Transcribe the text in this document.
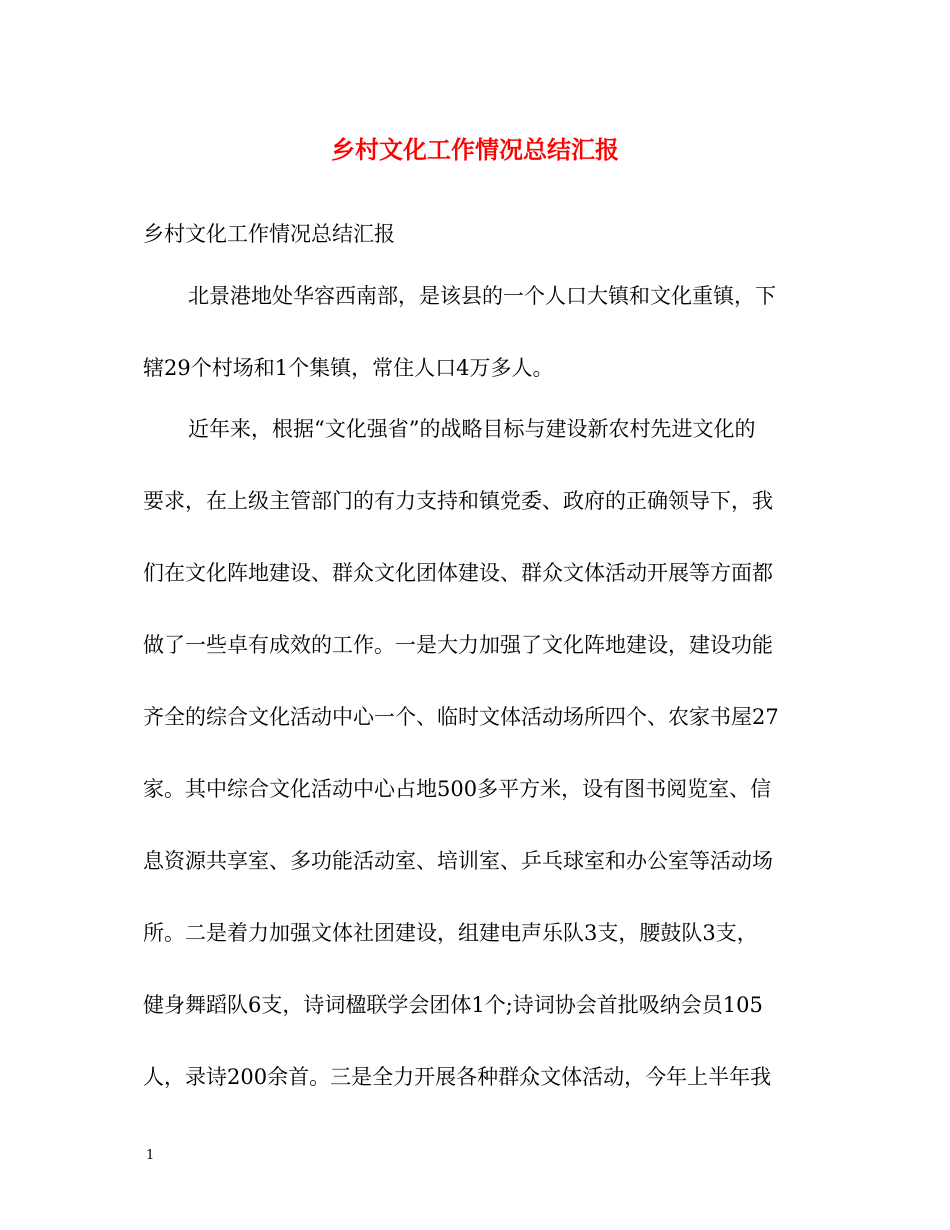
乡村文化工作情况总结汇报
乡村文化工作情况总结汇报
北景港地处华容西南部，是该县的一个人口大镇和文化重镇，下
辖29个村场和1个集镇，常住人口4万多人。
近年来，根据“文化强省”的战略目标与建设新农村先进文化的
要求，在上级主管部门的有力支持和镇党委、政府的正确领导下，我
们在文化阵地建设、群众文化团体建设、群众文体活动开展等方面都
做了一些卓有成效的工作。一是大力加强了文化阵地建设，建设功能
齐全的综合文化活动中心一个、临时文体活动场所四个、农家书屋27
家。其中综合文化活动中心占地500多平方米，设有图书阅览室、信
息资源共享室、多功能活动室、培训室、乒乓球室和办公室等活动场
所。二是着力加强文体社团建设，组建电声乐队3支，腰鼓队3支，
健身舞蹈队6支，诗词楹联学会团体1个;诗词协会首批吸纳会员105
人，录诗200余首。三是全力开展各种群众文体活动，今年上半年我
1
